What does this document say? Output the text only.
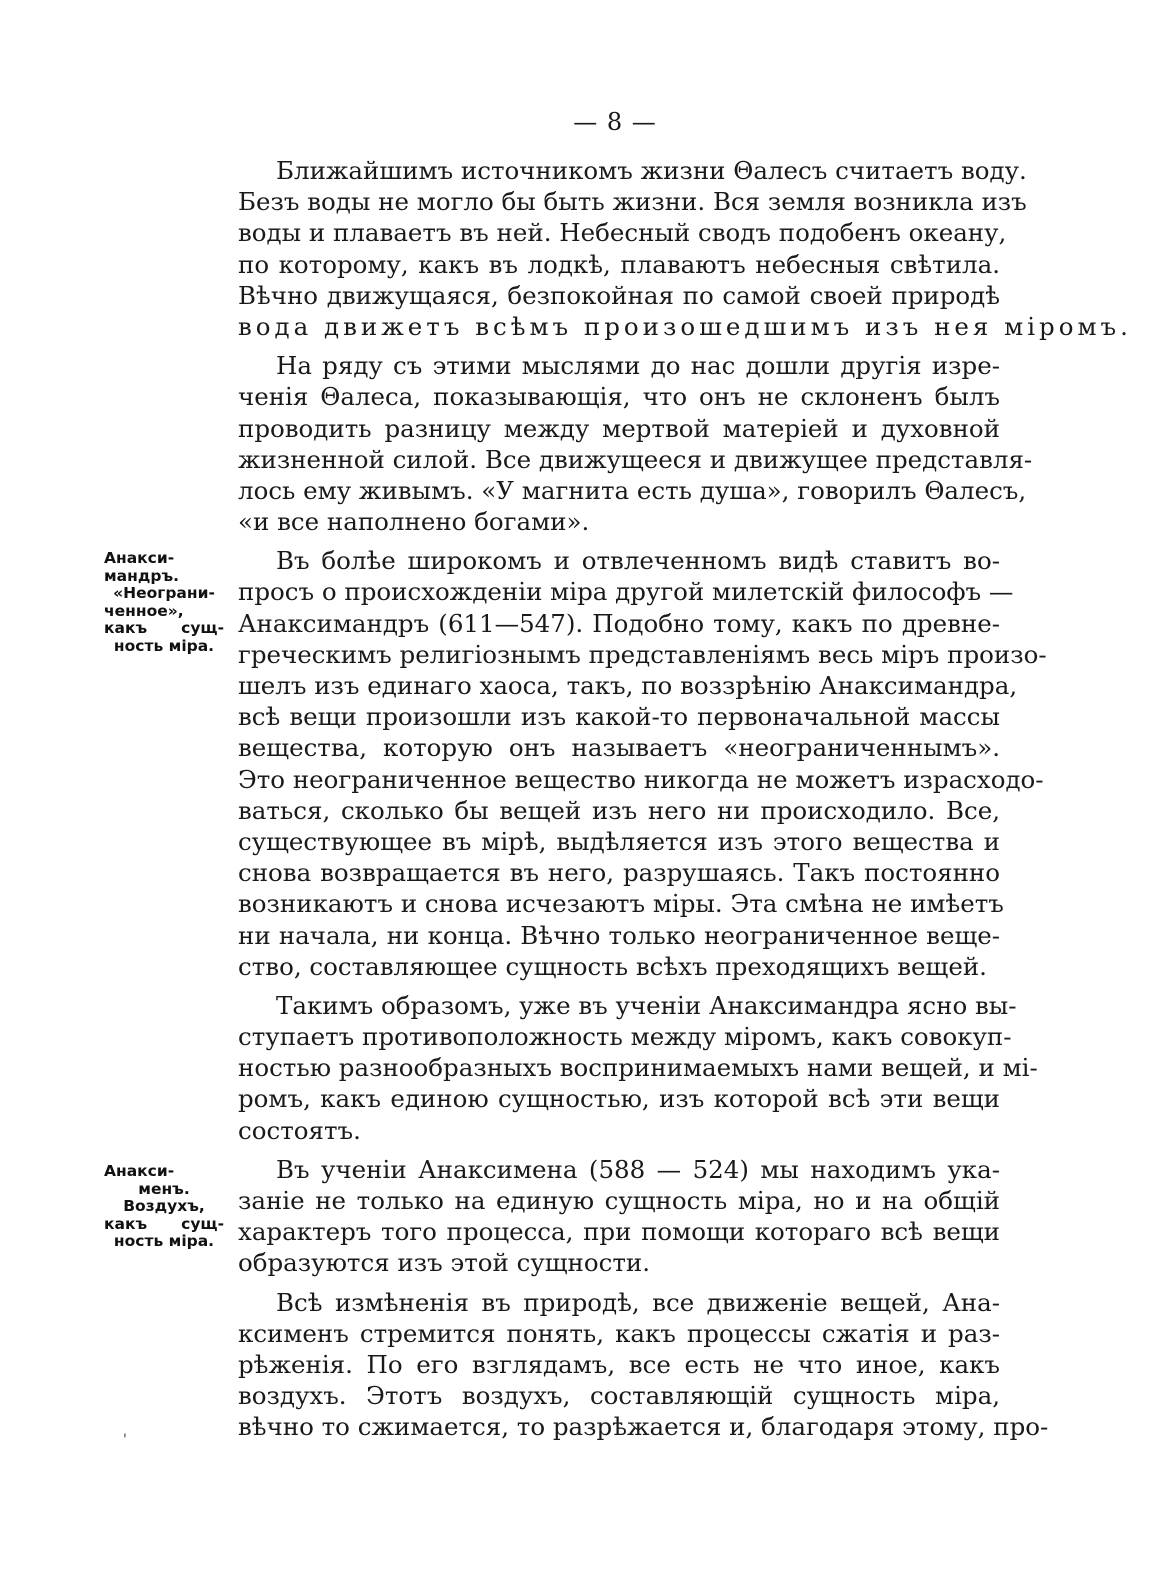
— 8 —
Анакси-
мандръ.
«Неограни-
ченное»,
какъ сущ-
ность міра.
Анакси-
менъ.
Воздухъ,
какъ сущ-
ность міра.
'
Ближайшимъ источникомъ жизни Θалесъ считаетъ воду.
Безъ воды не могло бы быть жизни. Вся земля возникла изъ
воды и плаваетъ въ ней. Небесный сводъ подобенъ океану,
по которому, какъ въ лодкѣ, плаваютъ небесныя свѣтила.
Вѣчно движущаяся, безпокойная по самой своей природѣ
вода движетъ всѣмъ произошедшимъ изъ нея міромъ.
На ряду съ этими мыслями до нас дошли другія изре-
ченія Θалеса, показывающія, что онъ не склоненъ былъ
проводить разницу между мертвой матеріей и духовной
жизненной силой. Все движущееся и движущее представля-
лось ему живымъ. «У магнита есть душа», говорилъ Θалесъ,
«и все наполнено богами».
Въ болѣе широкомъ и отвлеченномъ видѣ ставитъ во-
просъ о происхожденіи міра другой милетскій философъ —
Анаксимандръ (611—547). Подобно тому, какъ по древне-
греческимъ религіознымъ представленіямъ весь міръ произо-
шелъ изъ единаго хаоса, такъ, по воззрѣнію Анаксимандра,
всѣ вещи произошли изъ какой-то первоначальной массы
вещества, которую онъ называетъ «неограниченнымъ».
Это неограниченное вещество никогда не можетъ израсходо-
ваться, сколько бы вещей изъ него ни происходило. Все,
существующее въ мірѣ, выдѣляется изъ этого вещества и
снова возвращается въ него, разрушаясь. Такъ постоянно
возникаютъ и снова исчезаютъ міры. Эта смѣна не имѣетъ
ни начала, ни конца. Вѣчно только неограниченное веще-
ство, составляющее сущность всѣхъ преходящихъ вещей.
Такимъ образомъ, уже въ ученіи Анаксимандра ясно вы-
ступаетъ противоположность между міромъ, какъ совокуп-
ностью разнообразныхъ воспринимаемыхъ нами вещей, и мі-
ромъ, какъ единою сущностью, изъ которой всѣ эти вещи
состоятъ.
Въ ученіи Анаксимена (588 — 524) мы находимъ ука-
заніе не только на единую сущность міра, но и на общій
характеръ того процесса, при помощи котораго всѣ вещи
образуются изъ этой сущности.
Всѣ измѣненія въ природѣ, все движеніе вещей, Ана-
ксименъ стремится понять, какъ процессы сжатія и раз-
рѣженія. По его взглядамъ, все есть не что иное, какъ
воздухъ. Этотъ воздухъ, составляющій сущность міра,
вѣчно то сжимается, то разрѣжается и, благодаря этому, про-
